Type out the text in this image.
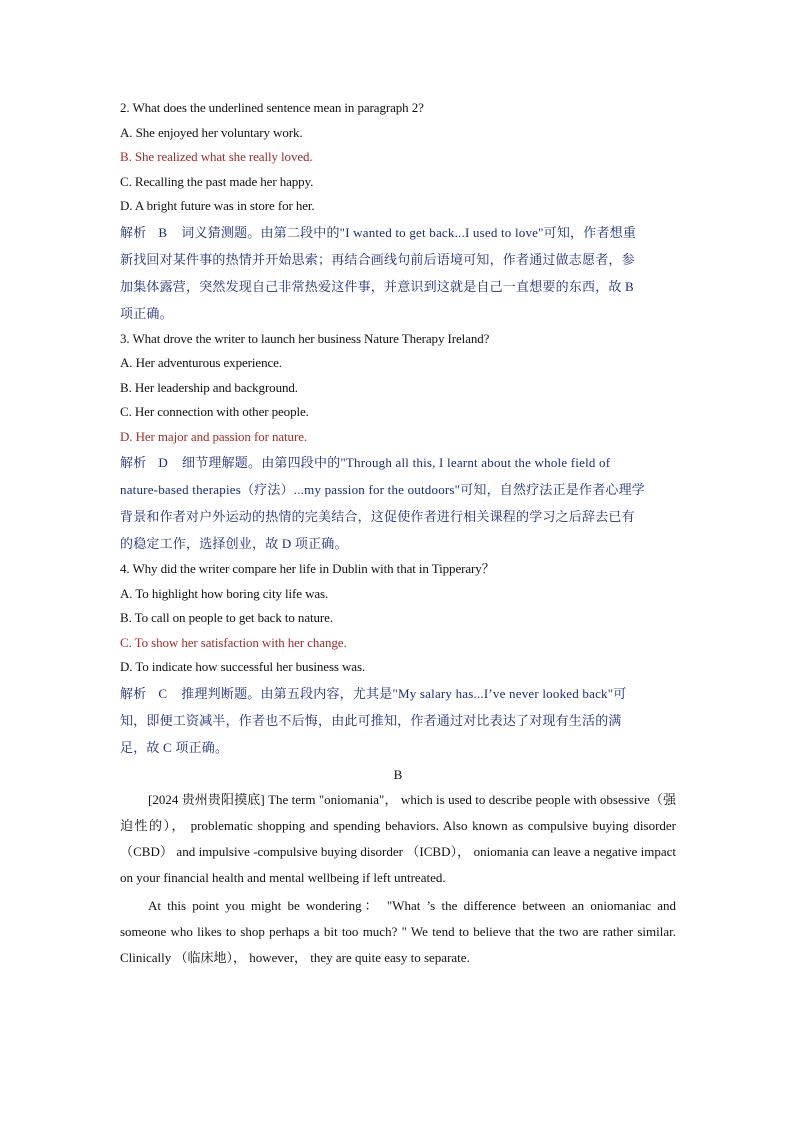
2. What does the underlined sentence mean in paragraph 2?
A. She enjoyed her voluntary work.
B. She realized what she really loved.
C. Recalling the past made her happy.
D. A bright future was in store for her.
解析 B 词义猜测题。由第二段中的"I wanted to get back...I used to love"可知，作者想重
新找回对某件事的热情并开始思索；再结合画线句前后语境可知，作者通过做志愿者，参
加集体露营，突然发现自己非常热爱这件事，并意识到这就是自己一直想要的东西，故 B
项正确。
3. What drove the writer to launch her business Nature Therapy Ireland?
A. Her adventurous experience.
B. Her leadership and background.
C. Her connection with other people.
D. Her major and passion for nature.
解析 D 细节理解题。由第四段中的"Through all this, I learnt about the whole field of
nature-based therapies（疗法）...my passion for the outdoors"可知，自然疗法正是作者心理学
背景和作者对户外运动的热情的完美结合，这促使作者进行相关课程的学习之后辞去已有
的稳定工作，选择创业，故 D 项正确。
4. Why did the writer compare her life in Dublin with that in Tipperary？
A. To highlight how boring city life was.
B. To call on people to get back to nature.
C. To show her satisfaction with her change.
D. To indicate how successful her business was.
解析 C 推理判断题。由第五段内容，尤其是"My salary has...I’ve never looked back"可
知，即便工资减半，作者也不后悔，由此可推知，作者通过对比表达了对现有生活的满
足，故 C 项正确。
B

[2024 贵州贵阳摸底] The term "oniomania"， which is used to describe people with obsessive（强迫性的）， problematic shopping and spending behaviors. Also known as compulsive buying disorder （CBD） and impulsive -compulsive buying disorder （ICBD）， oniomania can leave a negative impact on your financial health and mental wellbeing if left untreated.

At this point you might be wondering： "What ’s the difference between an oniomaniac and someone who likes to shop perhaps a bit too much? " We tend to believe that the two are rather similar. Clinically （临床地）， however， they are quite easy to separate.
